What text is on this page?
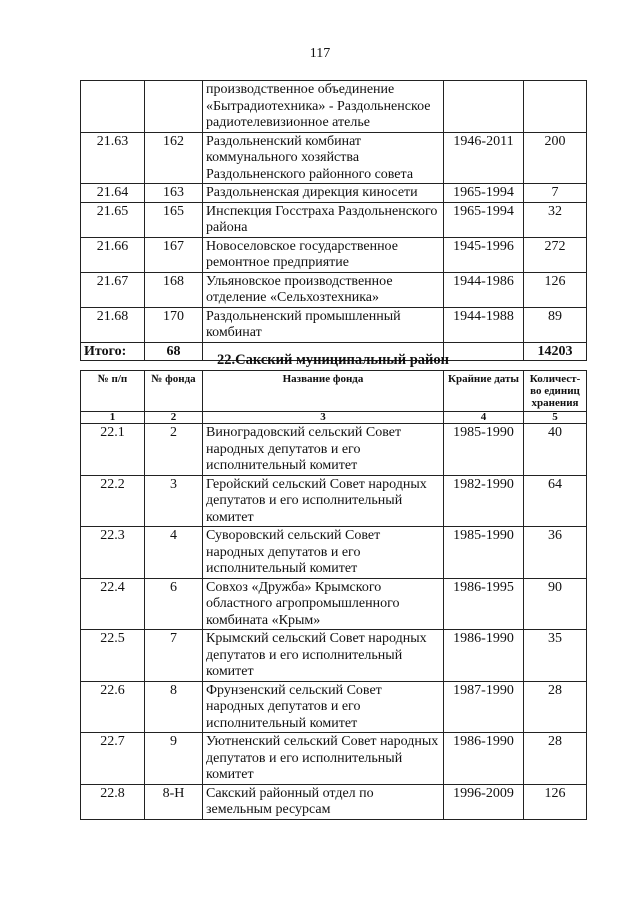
117
		производственное объединение «Бытрадиотехника» - Раздольненское радиотелевизионное ателье		
21.63	162	Раздольненский комбинат коммунального хозяйства Раздольненского районного совета	1946-2011	200
21.64	163	Раздольненская дирекция киносети	1965-1994	7
21.65	165	Инспекция Госстраха Раздольненского района	1965-1994	32
21.66	167	Новоселовское государственное ремонтное предприятие	1945-1996	272
21.67	168	Ульяновское производственное отделение «Сельхозтехника»	1944-1986	126
21.68	170	Раздольненский промышленный комбинат	1944-1988	89
Итого:	68			14203
22.Сакский муниципальный район
№ п/п	№ фонда	Название фонда	Крайние даты	Количест-во единиц хранения
1	2	3	4	5
22.1	2	Виноградовский сельский Совет народных депутатов и его исполнительный комитет	1985-1990	40
22.2	3	Геройский сельский Совет народных депутатов и его исполнительный комитет	1982-1990	64
22.3	4	Суворовский сельский Совет народных депутатов и его исполнительный комитет	1985-1990	36
22.4	6	Совхоз «Дружба» Крымского областного агропромышленного комбината «Крым»	1986-1995	90
22.5	7	Крымский сельский Совет народных депутатов и его исполнительный комитет	1986-1990	35
22.6	8	Фрунзенский сельский Совет народных депутатов и его исполнительный комитет	1987-1990	28
22.7	9	Уютненский сельский Совет народных депутатов и его исполнительный комитет	1986-1990	28
22.8	8-Н	Сакский районный отдел по земельным ресурсам	1996-2009	126
